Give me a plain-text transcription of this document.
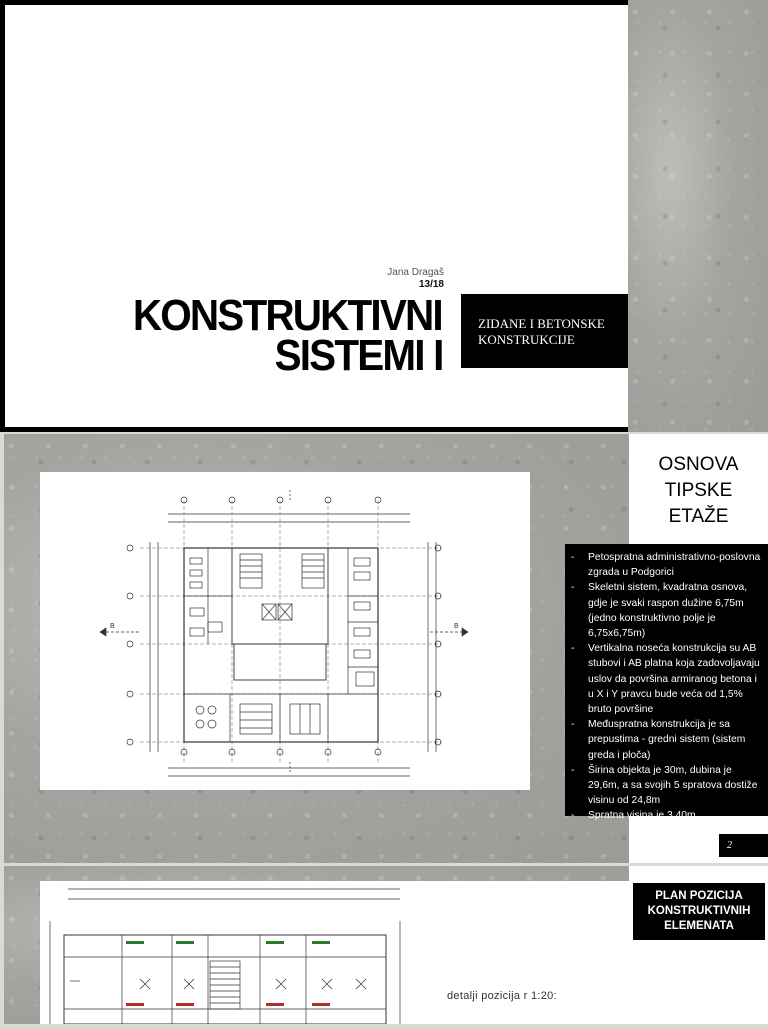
Jana Dragaš
13/18
KONSTRUKTIVNI
SISTEMI I
ZIDANE I BETONSKE KONSTRUKCIJE
OSNOVA
TIPSKE
ETAŽE
B	B
- Petospratna administrativno-poslovna zgrada u Podgorici
- Skeletni sistem, kvadratna osnova, gdje je svaki raspon dužine 6,75m (jedno konstruktivno polje je 6,75x6,75m)
- Vertikalna noseća konstrukcija su AB stubovi i AB platna koja zadovoljavaju uslov da površina armiranog betona i u X i Y pravcu bude veća od 1,5% bruto površine
- Međuspratna konstrukcija je sa prepustima - gredni sistem (sistem greda i ploča)
- Širina objekta je 30m, dubina je 29,6m, a sa svojih 5 spratova dostiže visinu od 24,8m
- Spratna visina je 3,40m
2
PLAN POZICIJA KONSTRUKTIVNIH ELEMENATA
detalji pozicija r 1:20:
